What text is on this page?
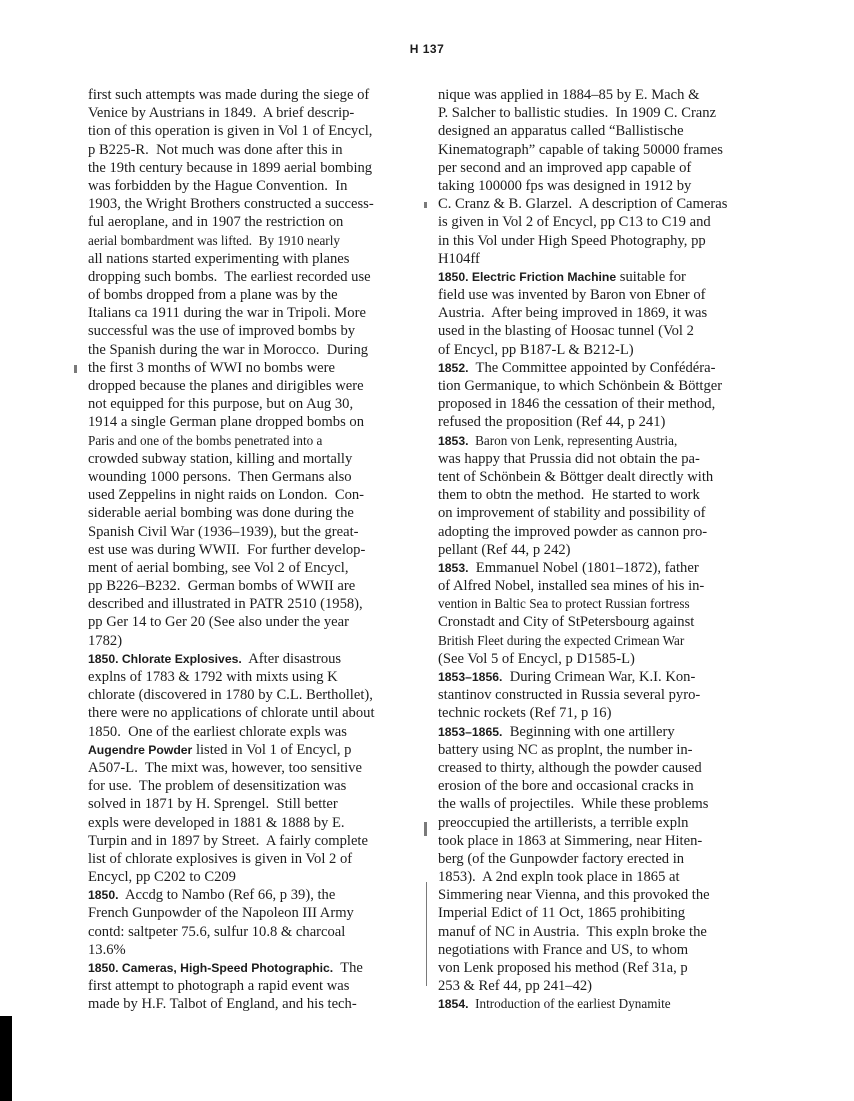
H 137
first such attempts was made during the siege of
Venice by Austrians in 1849.  A brief descrip-
tion of this operation is given in Vol 1 of Encycl,
p B225-R.  Not much was done after this in
the 19th century because in 1899 aerial bombing
was forbidden by the Hague Convention.  In
1903, the Wright Brothers constructed a success-
ful aeroplane, and in 1907 the restriction on
aerial bombardment was lifted.  By 1910 nearly
all nations started experimenting with planes
dropping such bombs.  The earliest recorded use
of bombs dropped from a plane was by the
Italians ca 1911 during the war in Tripoli. More
successful was the use of improved bombs by
the Spanish during the war in Morocco.  During
the first 3 months of WWI no bombs were
dropped because the planes and dirigibles were
not equipped for this purpose, but on Aug 30,
1914 a single German plane dropped bombs on
Paris and one of the bombs penetrated into a
crowded subway station, killing and mortally
wounding 1000 persons.  Then Germans also
used Zeppelins in night raids on London.  Con-
siderable aerial bombing was done during the
Spanish Civil War (1936–1939), but the great-
est use was during WWII.  For further develop-
ment of aerial bombing, see Vol 2 of Encycl,
pp B226–B232.  German bombs of WWII are
described and illustrated in PATR 2510 (1958),
pp Ger 14 to Ger 20 (See also under the year
1782)
1850. Chlorate Explosives.  After disastrous
explns of 1783 & 1792 with mixts using K
chlorate (discovered in 1780 by C.L. Berthollet),
there were no applications of chlorate until about
1850.  One of the earliest chlorate expls was
Augendre Powder listed in Vol 1 of Encycl, p
A507-L.  The mixt was, however, too sensitive
for use.  The problem of desensitization was
solved in 1871 by H. Sprengel.  Still better
expls were developed in 1881 & 1888 by E.
Turpin and in 1897 by Street.  A fairly complete
list of chlorate explosives is given in Vol 2 of
Encycl, pp C202 to C209
1850.  Accdg to Nambo (Ref 66, p 39), the
French Gunpowder of the Napoleon III Army
contd: saltpeter 75.6, sulfur 10.8 & charcoal
13.6%
1850. Cameras, High-Speed Photographic.  The
first attempt to photograph a rapid event was
made by H.F. Talbot of England, and his tech-
nique was applied in 1884–85 by E. Mach &
P. Salcher to ballistic studies.  In 1909 C. Cranz
designed an apparatus called “Ballistische
Kinematograph” capable of taking 50000 frames
per second and an improved app capable of
taking 100000 fps was designed in 1912 by
C. Cranz & B. Glarzel.  A description of Cameras
is given in Vol 2 of Encycl, pp C13 to C19 and
in this Vol under High Speed Photography, pp
H104ff
1850. Electric Friction Machine suitable for
field use was invented by Baron von Ebner of
Austria.  After being improved in 1869, it was
used in the blasting of Hoosac tunnel (Vol 2
of Encycl, pp B187-L & B212-L)
1852.  The Committee appointed by Confédéra-
tion Germanique, to which Schönbein & Böttger
proposed in 1846 the cessation of their method,
refused the proposition (Ref 44, p 241)
1853.  Baron von Lenk, representing Austria,
was happy that Prussia did not obtain the pa-
tent of Schönbein & Böttger dealt directly with
them to obtn the method.  He started to work
on improvement of stability and possibility of
adopting the improved powder as cannon pro-
pellant (Ref 44, p 242)
1853.  Emmanuel Nobel (1801–1872), father
of Alfred Nobel, installed sea mines of his in-
vention in Baltic Sea to protect Russian fortress
Cronstadt and City of StPetersbourg against
British Fleet during the expected Crimean War
(See Vol 5 of Encycl, p D1585-L)
1853–1856.  During Crimean War, K.I. Kon-
stantinov constructed in Russia several pyro-
technic rockets (Ref 71, p 16)
1853–1865.  Beginning with one artillery
battery using NC as proplnt, the number in-
creased to thirty, although the powder caused
erosion of the bore and occasional cracks in
the walls of projectiles.  While these problems
preoccupied the artillerists, a terrible expln
took place in 1863 at Simmering, near Hiten-
berg (of the Gunpowder factory erected in
1853).  A 2nd expln took place in 1865 at
Simmering near Vienna, and this provoked the
Imperial Edict of 11 Oct, 1865 prohibiting
manuf of NC in Austria.  This expln broke the
negotiations with France and US, to whom
von Lenk proposed his method (Ref 31a, p
253 & Ref 44, pp 241–42)
1854.  Introduction of the earliest Dynamite
